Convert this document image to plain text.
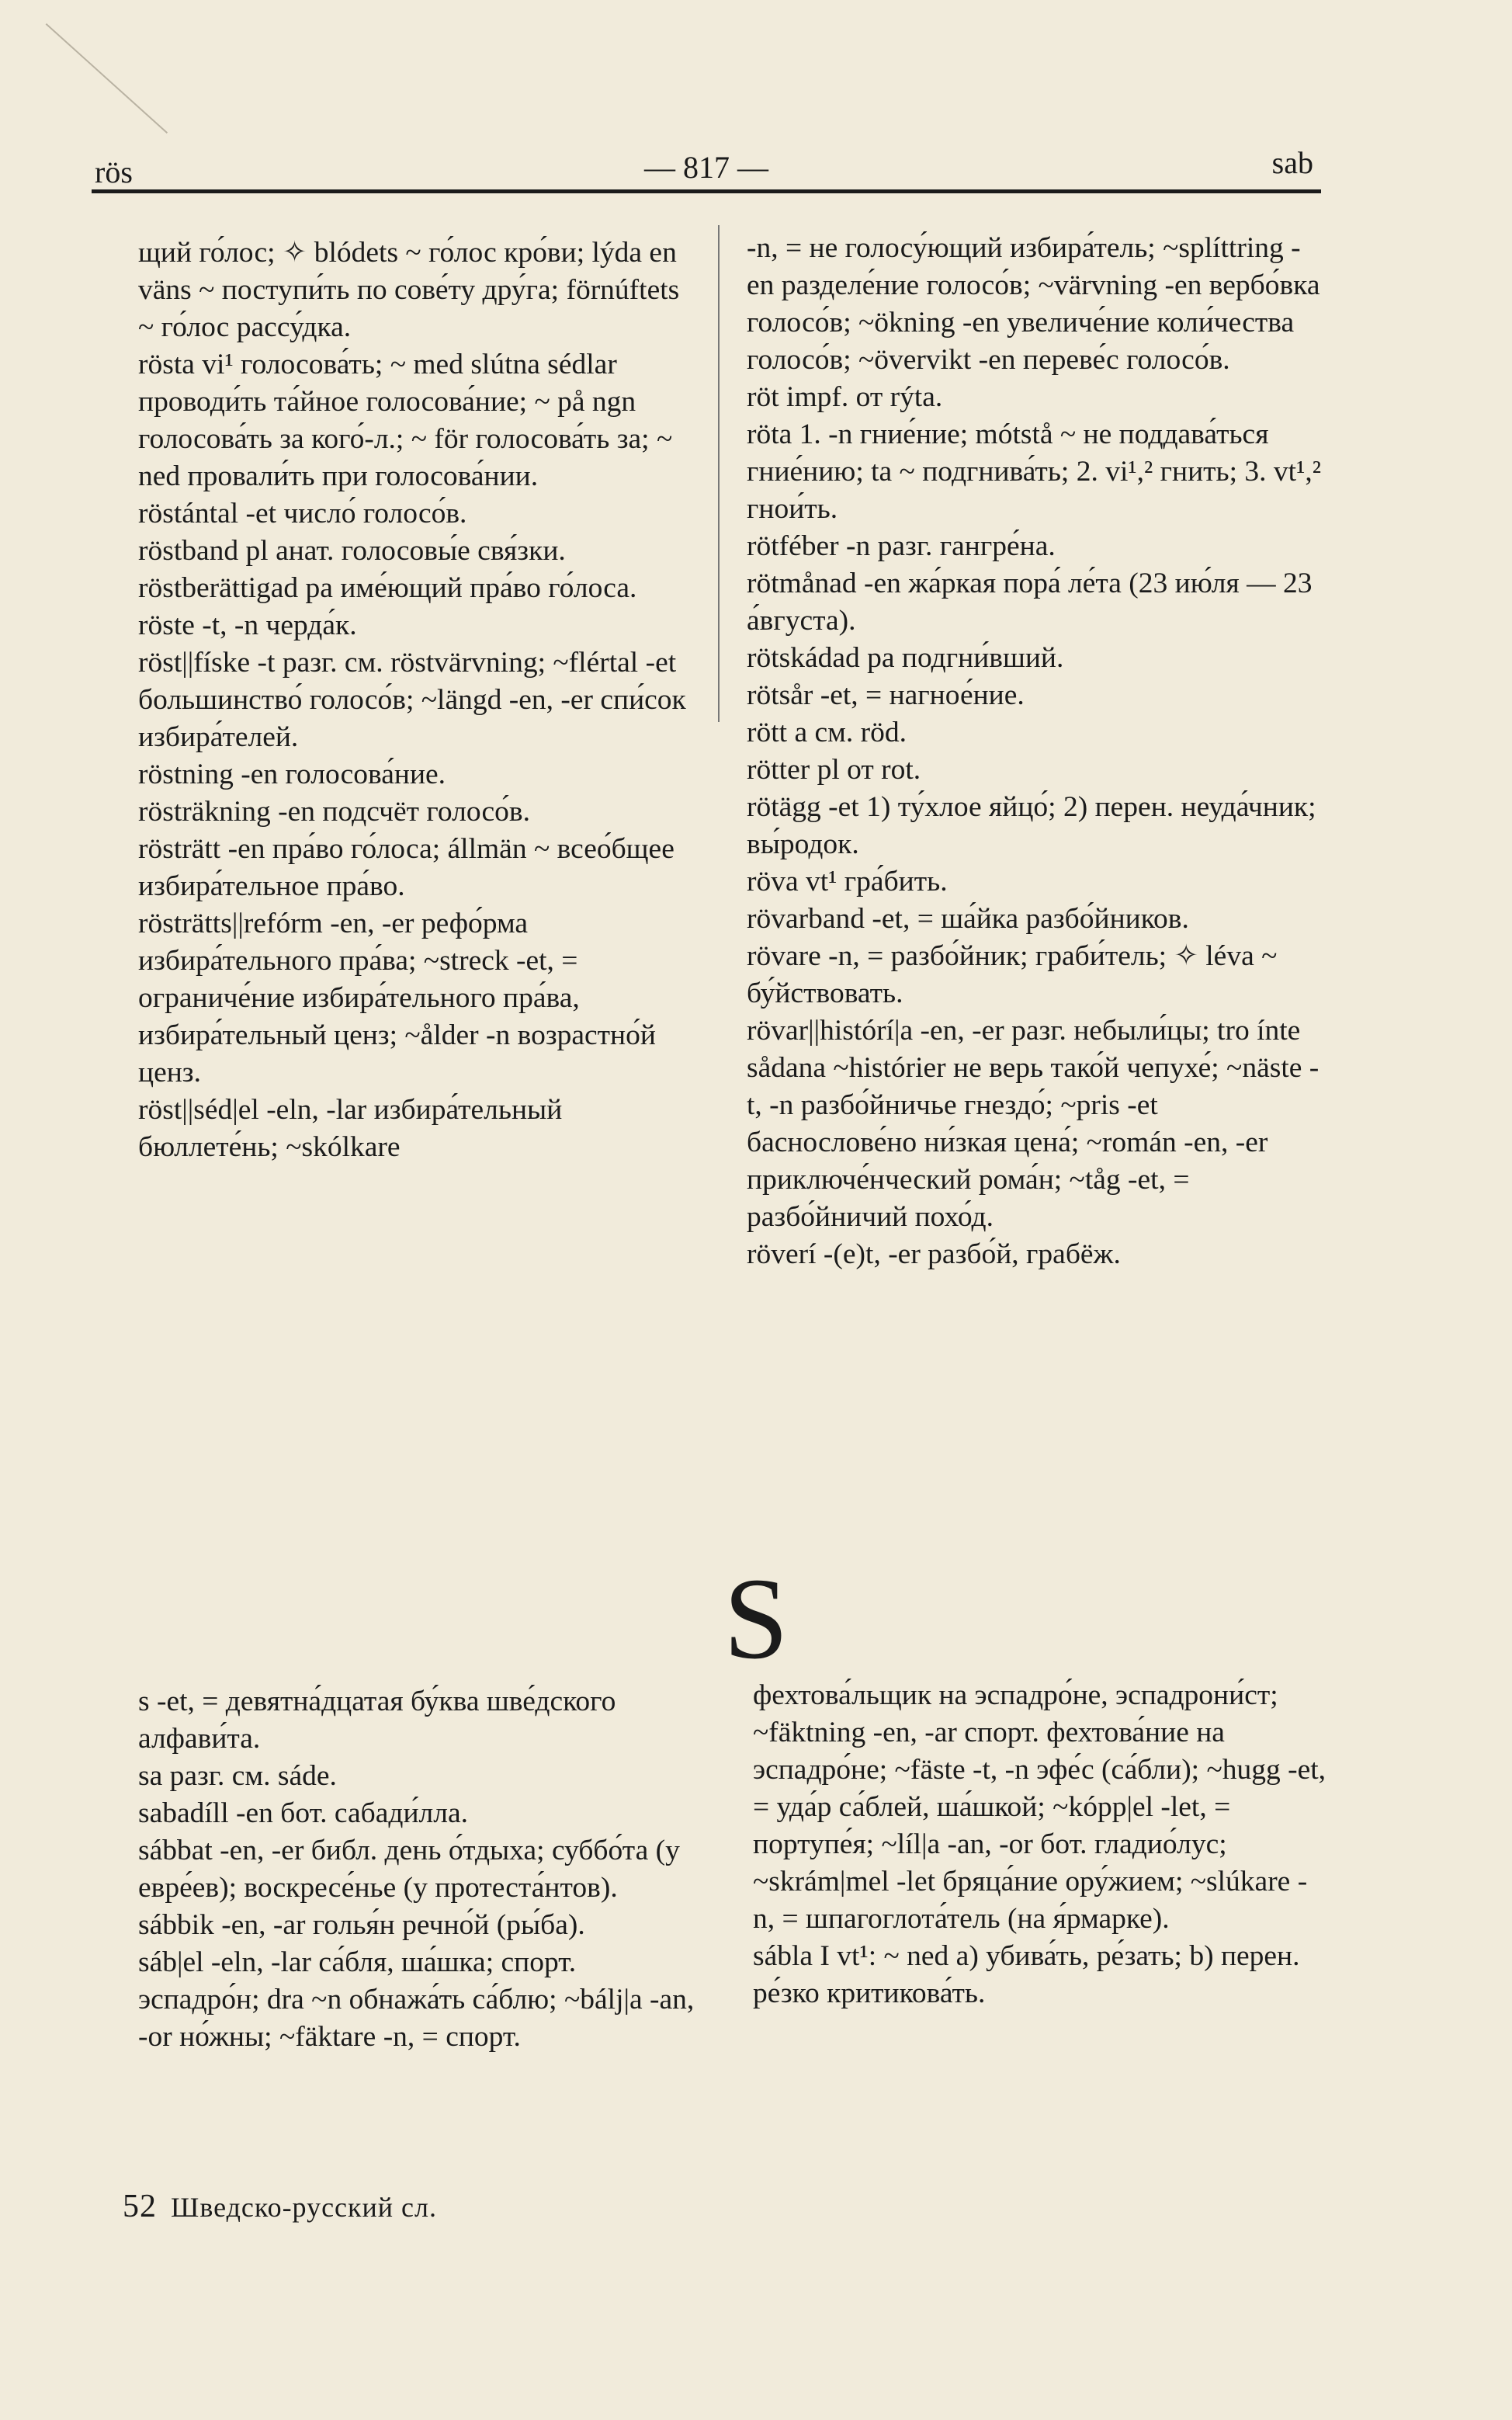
rös	— 817 —	sab

щий го́лос; ✧ blódets ~ го́лос кро́ви; lýda en väns ~ поступи́ть по сове́ту дру́га; förnúftets ~ го́лос рассу́дка.

rösta vi¹ голосова́ть; ~ med slútna sédlar проводи́ть та́йное голосова́ние; ~ på ngn голосова́ть за кого́-л.; ~ för голосова́ть за; ~ ned провали́ть при голосова́нии.

röstántal -et число́ голосо́в.

röstband pl анат. голосовы́е свя́зки.

röstberättigad pa име́ющий пра́во го́лоса.

röste -t, -n черда́к.

röst||físke -t разг. см. röstvärvning; ~flértal -et большинство́ голосо́в; ~längd -en, -er спи́сок избира́телей.

röstning -en голосова́ние.

rösträkning -en подсчёт голосо́в.

rösträtt -en пра́во го́лоса; állmän ~ всео́бщее избира́тельное пра́во.

rösträtts||refórm -en, -er рефо́рма избира́тельного пра́ва; ~streck -et, = ограниче́ние избира́тельного пра́ва, избира́тельный ценз; ~ålder -n возрастно́й ценз.

röst||séd|el -eln, -lar избира́тельный бюллете́нь; ~skólkare

-n, = не голосу́ющий избира́тель; ~splíttring -en разделе́ние голосо́в; ~värvning -en вербо́вка голосо́в; ~ökning -en увеличе́ние коли́чества голосо́в; ~övervikt -en переве́с голосо́в.

röt impf. от rýta.

röta 1. -n гние́ние; mótstå ~ не поддава́ться гние́нию; ta ~ подгнива́ть; 2. vi¹,² гнить; 3. vt¹,² гнои́ть.

rötféber -n разг. гангре́на.

rötmånad -en жа́ркая пора́ ле́та (23 ию́ля — 23 а́вгуста).

rötskádad pa подгни́вший.

rötsår -et, = нагное́ние.

rött a см. röd.

rötter pl от rot.

rötägg -et 1) ту́хлое яйцо́; 2) перен. неуда́чник; вы́родок.

röva vt¹ гра́бить.

rövarband -et, = ша́йка разбо́йников.

rövare -n, = разбо́йник; граби́тель; ✧ léva ~ бу́йствовать.

rövar||histórí|a -en, -er разг. небыли́цы; tro ínte sådana ~histórier не верь тако́й чепухе́; ~näste -t, -n разбо́йничье гнездо́; ~pris -et баснослове́но ни́зкая цена́; ~román -en, -er приключе́нческий рома́н; ~tåg -et, = разбо́йничий похо́д.

röverí -(e)t, -er разбо́й, грабёж.

S

s -et, = девятна́дцатая бу́ква шве́дского алфави́та.

sa разг. см. sáde.

sabadíll -en бот. сабади́лла.

sábbat -en, -er библ. день о́тдыха; суббо́та (у евре́ев); воскресе́нье (у протеста́нтов).

sábbik -en, -ar голья́н речно́й (ры́ба).

sáb|el -eln, -lar са́бля, ша́шка; спорт. эспадро́н; dra ~n обнажа́ть са́блю; ~bálj|a -an, -or но́жны; ~fäktare -n, = спорт.

фехтова́льщик на эспадро́не, эспадрони́ст; ~fäktning -en, -ar спорт. фехтова́ние на эспадро́не; ~fäste -t, -n эфе́с (са́бли); ~hugg -et, = уда́р са́блей, ша́шкой; ~kópp|el -let, = портупе́я; ~líl|a -an, -or бот. гладио́лус; ~skrám|mel -let бряца́ние ору́жием; ~slúkare -n, = шпагоглота́тель (на я́рмарке).

sábla I vt¹: ~ ned а) убива́ть, ре́зать; b) перен. ре́зко критикова́ть.

52 Шведско-русский сл.
